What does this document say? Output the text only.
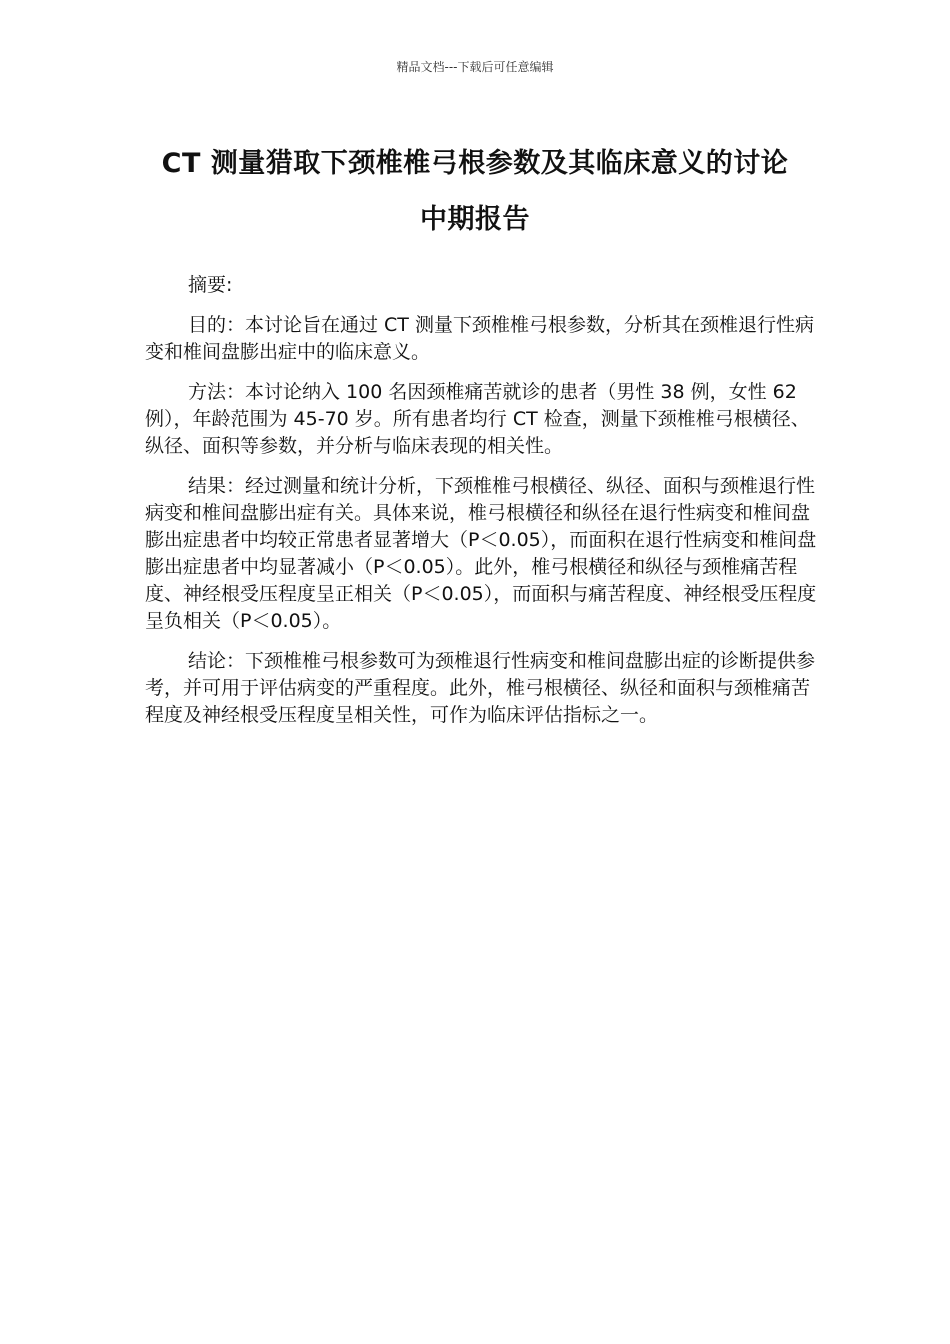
精品文档---下载后可任意编辑
CT 测量猎取下颈椎椎弓根参数及其临床意义的讨论
中期报告

摘要:

目的：本讨论旨在通过 CT 测量下颈椎椎弓根参数，分析其在颈椎退行性病变和椎间盘膨出症中的临床意义。

方法：本讨论纳入 100 名因颈椎痛苦就诊的患者（男性 38 例，女性 62 例），年龄范围为 45-70 岁。所有患者均行 CT 检查，测量下颈椎椎弓根横径、纵径、面积等参数，并分析与临床表现的相关性。

结果：经过测量和统计分析，下颈椎椎弓根横径、纵径、面积与颈椎退行性病变和椎间盘膨出症有关。具体来说，椎弓根横径和纵径在退行性病变和椎间盘膨出症患者中均较正常患者显著增大（P＜0.05），而面积在退行性病变和椎间盘膨出症患者中均显著减小（P＜0.05）。此外，椎弓根横径和纵径与颈椎痛苦程度、神经根受压程度呈正相关（P＜0.05），而面积与痛苦程度、神经根受压程度呈负相关（P＜0.05）。

结论：下颈椎椎弓根参数可为颈椎退行性病变和椎间盘膨出症的诊断提供参考，并可用于评估病变的严重程度。此外，椎弓根横径、纵径和面积与颈椎痛苦程度及神经根受压程度呈相关性，可作为临床评估指标之一。
